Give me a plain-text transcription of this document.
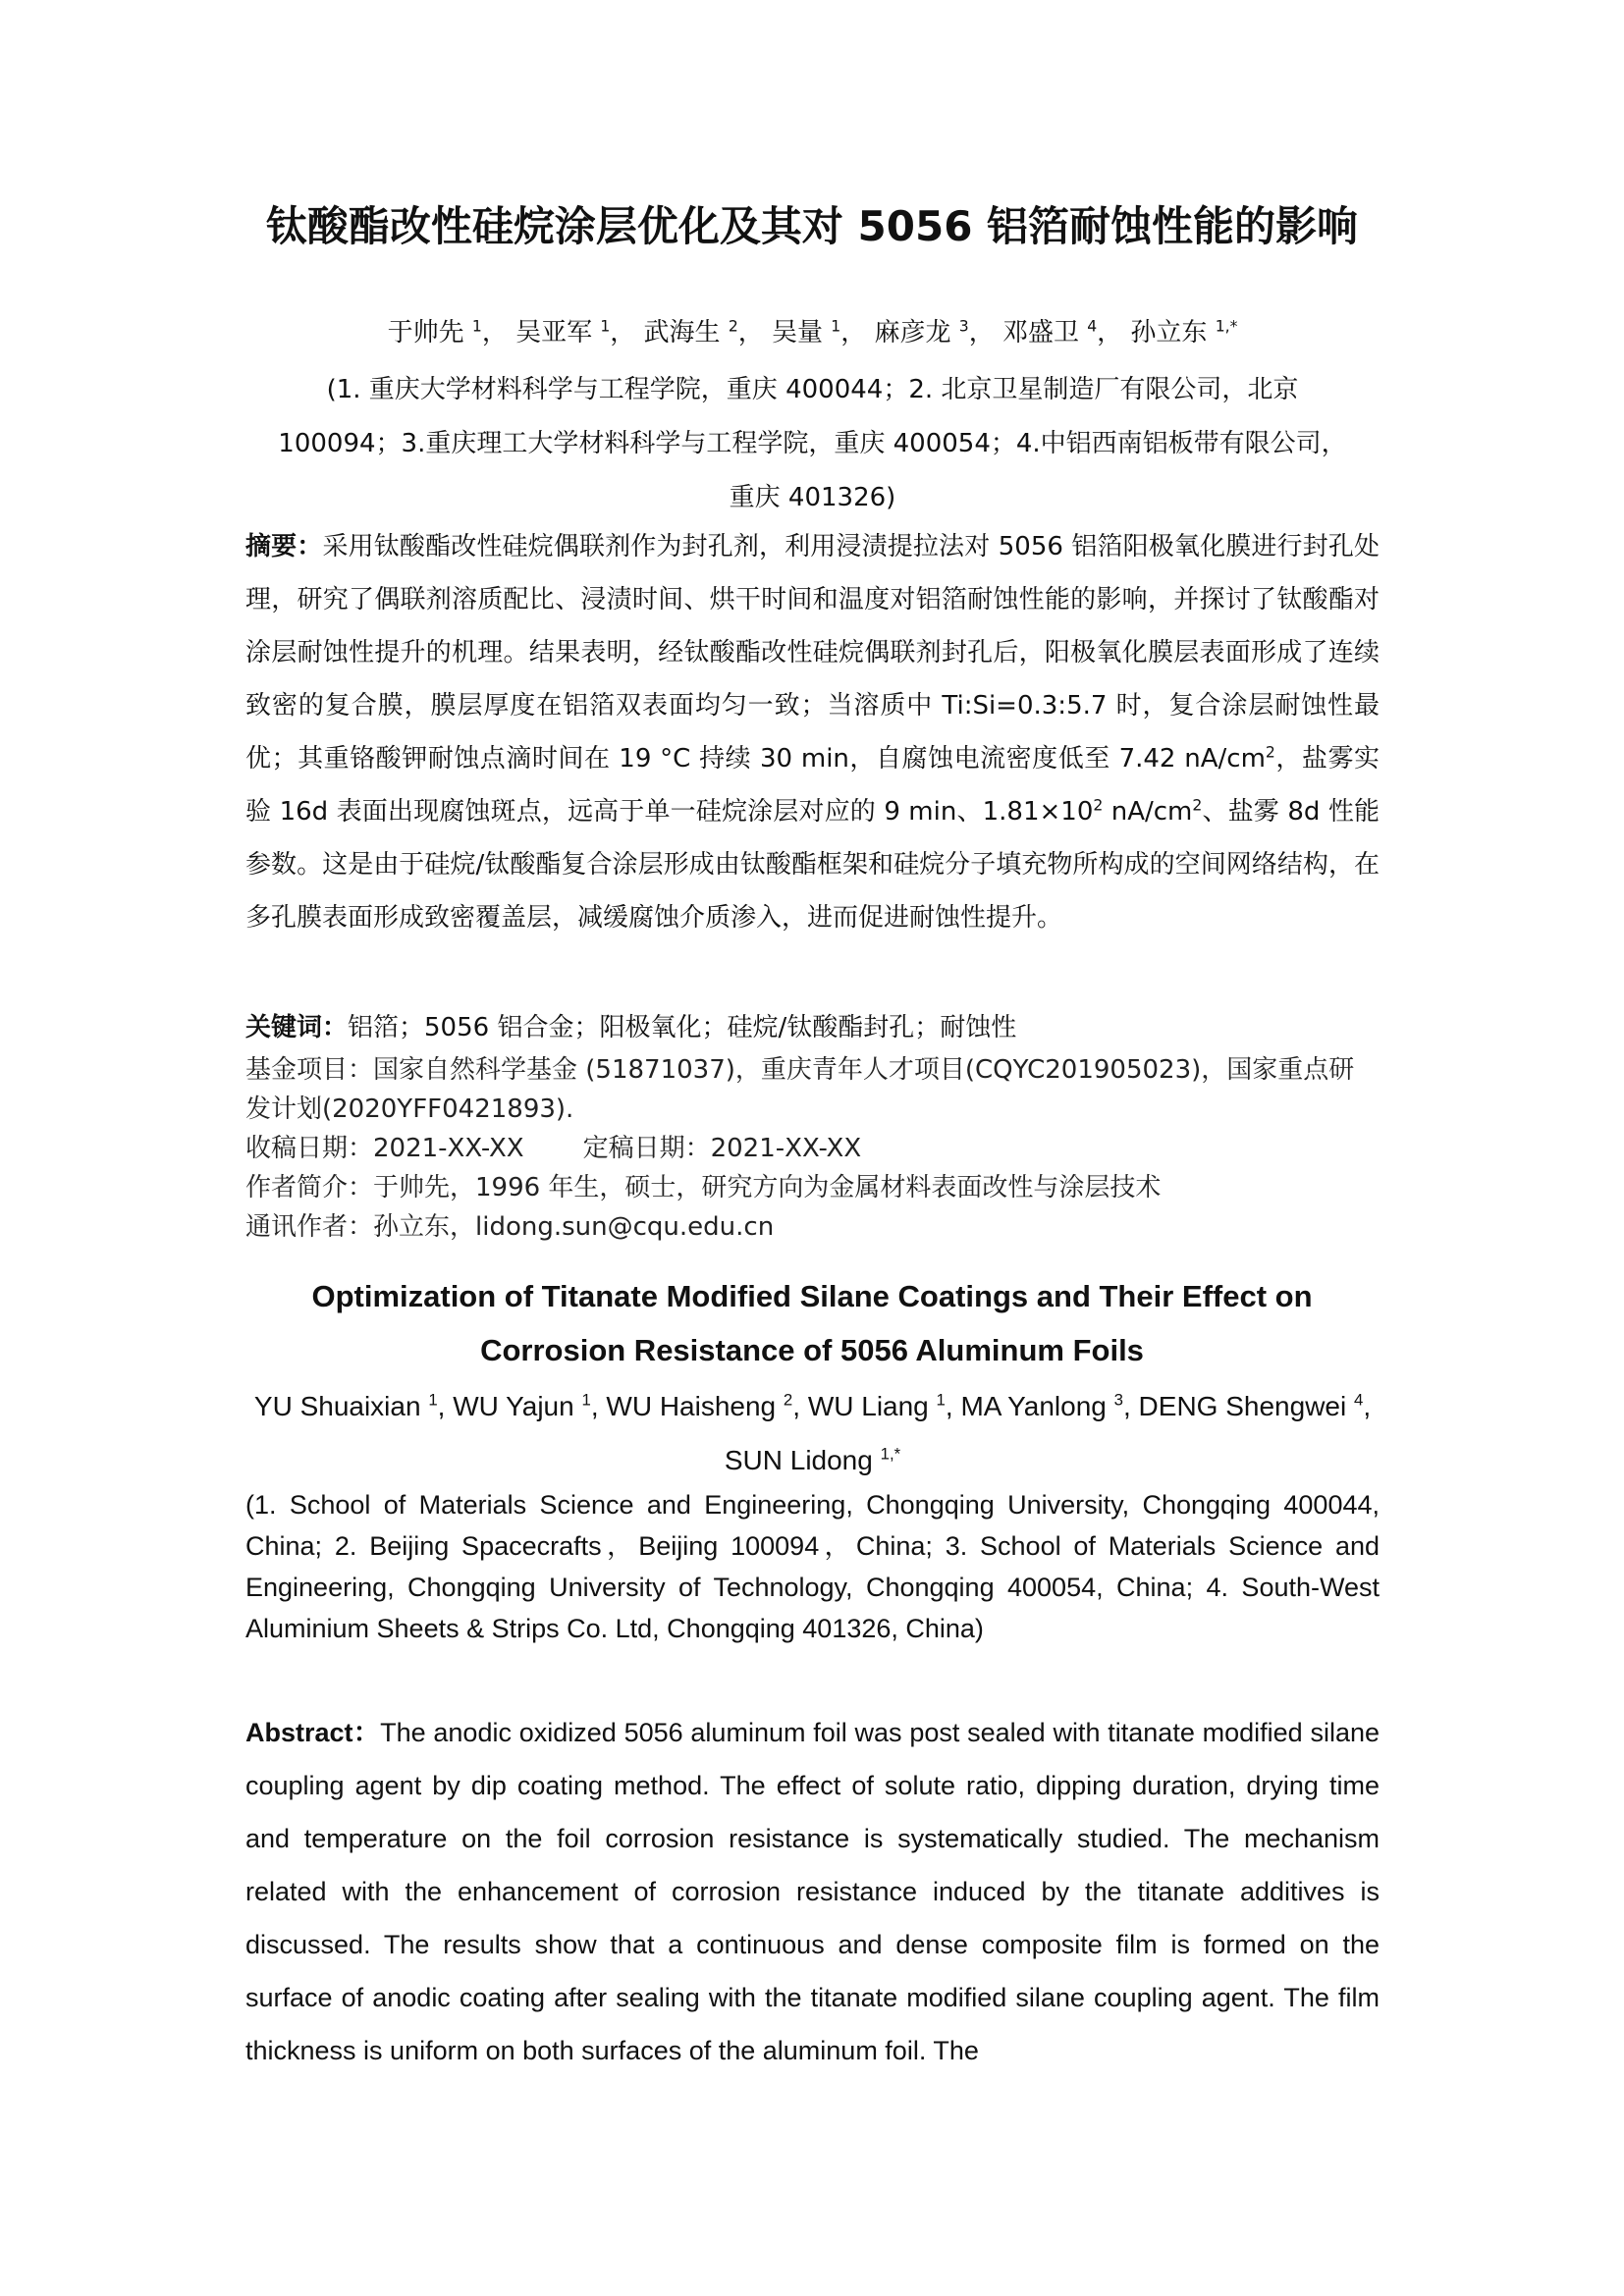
钛酸酯改性硅烷涂层优化及其对 5056 铝箔耐蚀性能的影响
于帅先 $^1$， 吴亚军 $^1$， 武海生 $^2$， 吴量 $^1$， 麻彦龙 $^3$， 邓盛卫 $^4$， 孙立东 $^{1,*}$
(1. 重庆大学材料科学与工程学院，重庆 400044；2. 北京卫星制造厂有限公司，北京
100094；3.重庆理工大学材料科学与工程学院，重庆 400054；4.中铝西南铝板带有限公司，
重庆 401326)
摘要：采用钛酸酯改性硅烷偶联剂作为封孔剂，利用浸渍提拉法对 5056 铝箔阳极氧化膜进行封孔处理，研究了偶联剂溶质配比、浸渍时间、烘干时间和温度对铝箔耐蚀性能的影响，并探讨了钛酸酯对涂层耐蚀性提升的机理。结果表明，经钛酸酯改性硅烷偶联剂封孔后，阳极氧化膜层表面形成了连续致密的复合膜，膜层厚度在铝箔双表面均匀一致；当溶质中 Ti:Si=0.3:5.7 时，复合涂层耐蚀性最优；其重铬酸钾耐蚀点滴时间在 19 °C 持续 30 min，自腐蚀电流密度低至 7.42 $nA/cm^2$，盐雾实验 16d 表面出现腐蚀斑点，远高于单一硅烷涂层对应的 9 min、$1.81\times 10^2$ $nA/cm^2$、盐雾 8d 性能参数。这是由于硅烷/钛酸酯复合涂层形成由钛酸酯框架和硅烷分子填充物所构成的空间网络结构，在多孔膜表面形成致密覆盖层，减缓腐蚀介质渗入，进而促进耐蚀性提升。
关键词：铝箔；5056 铝合金；阳极氧化；硅烷/钛酸酯封孔；耐蚀性

基金项目：国家自然科学基金 (51871037)，重庆青年人才项目(CQYC201905023)，国家重点研发计划(2020YFF0421893).

收稿日期：2021-XX-XX 定稿日期：2021-XX-XX

作者简介：于帅先，1996 年生，硕士，研究方向为金属材料表面改性与涂层技术

通讯作者：孙立东，lidong.sun@cqu.edu.cn

Optimization of Titanate Modified Silane Coatings and Their Effect on
Corrosion Resistance of 5056 Aluminum Foils
YU Shuaixian $^1$, WU Yajun $^1$, WU Haisheng $^2$, WU Liang $^1$, MA Yanlong $^3$, DENG Shengwei $^4$, SUN Lidong $^{1,*}$
(1. School of Materials Science and Engineering, Chongqing University, Chongqing 400044, China; 2. Beijing Spacecrafts，Beijing 100094，China; 3. School of Materials Science and Engineering, Chongqing University of Technology, Chongqing 400054, China; 4. South-West Aluminium Sheets & Strips Co. Ltd, Chongqing 401326, China)
Abstract：The anodic oxidized 5056 aluminum foil was post sealed with titanate modified silane coupling agent by dip coating method. The effect of solute ratio, dipping duration, drying time and temperature on the foil corrosion resistance is systematically studied. The mechanism related with the enhancement of corrosion resistance induced by the titanate additives is discussed. The results show that a continuous and dense composite film is formed on the surface of anodic coating after sealing with the titanate modified silane coupling agent. The film thickness is uniform on both surfaces of the aluminum foil. The
